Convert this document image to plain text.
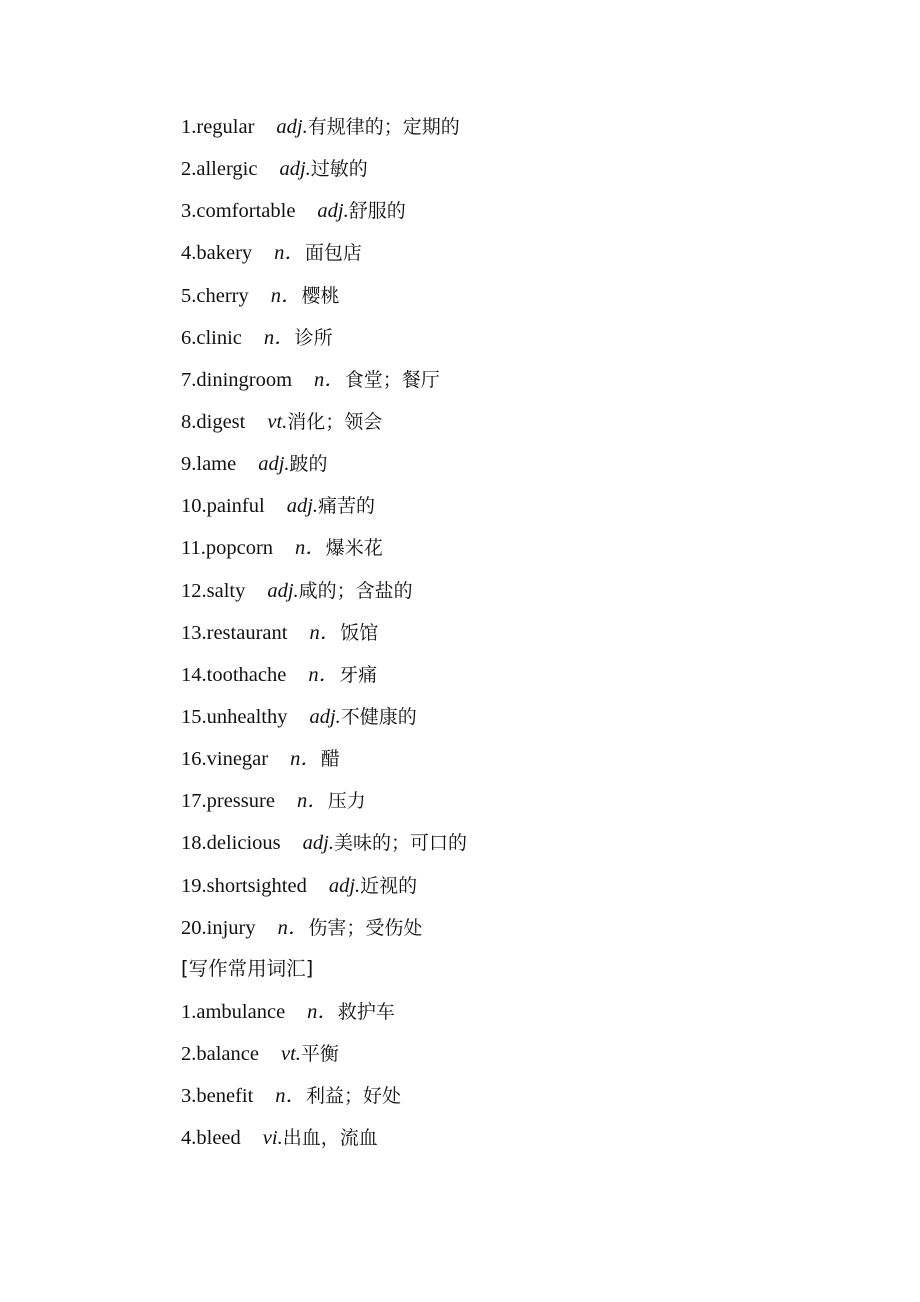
1.regular adj.有规律的；定期的
2.allergic adj.过敏的
3.comfortable adj.舒服的
4.bakery n．面包店
5.cherry n．樱桃
6.clinic n．诊所
7.diningroom n．食堂；餐厅
8.digest vt.消化；领会
9.lame adj.跛的
10.painful adj.痛苦的
11.popcorn n．爆米花
12.salty adj.咸的；含盐的
13.restaurant n．饭馆
14.toothache n．牙痛
15.unhealthy adj.不健康的
16.vinegar n．醋
17.pressure n．压力
18.delicious adj.美味的；可口的
19.shortsighted adj.近视的
20.injury n．伤害；受伤处
[写作常用词汇]
1.ambulance n．救护车
2.balance vt.平衡
3.benefit n．利益；好处
4.bleed vi.出血，流血
